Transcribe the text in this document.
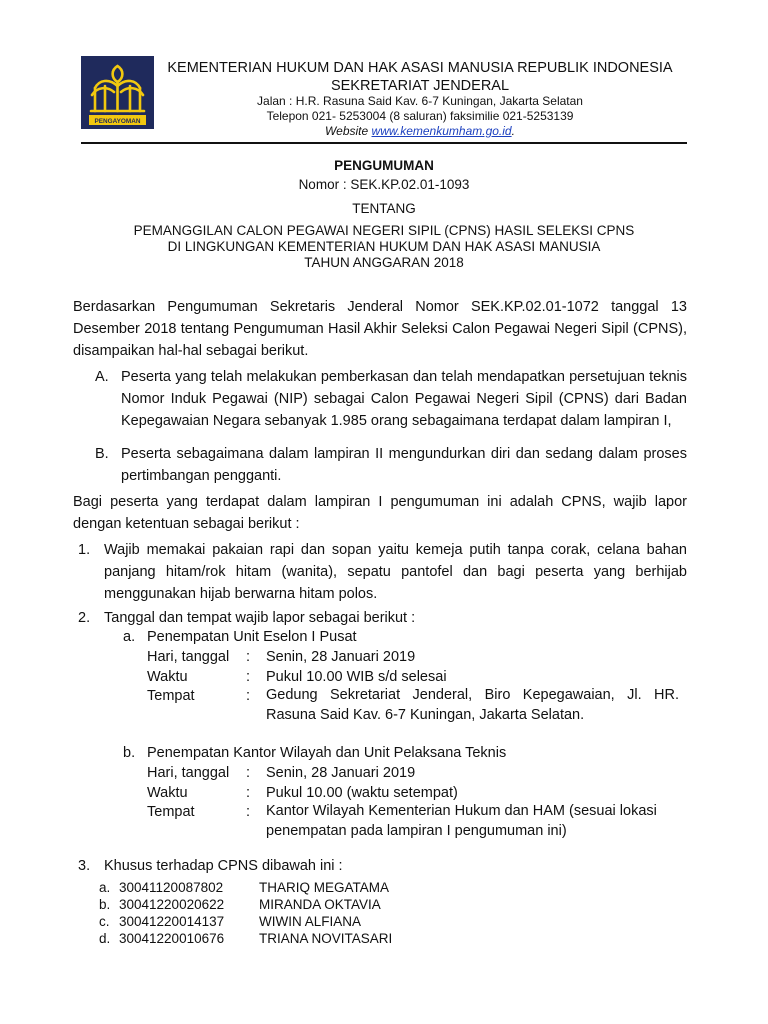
PENGAYOMAN
KEMENTERIAN HUKUM DAN HAK ASASI MANUSIA REPUBLIK INDONESIA
SEKRETARIAT JENDERAL
Jalan : H.R. Rasuna Said Kav. 6-7 Kuningan, Jakarta Selatan
Telepon 021- 5253004 (8 saluran) faksimilie 021-5253139
Website www.kemenkumham.go.id.
PENGUMUMAN
Nomor : SEK.KP.02.01-1093
TENTANG
PEMANGGILAN CALON PEGAWAI NEGERI SIPIL (CPNS) HASIL SELEKSI CPNS
DI LINGKUNGAN KEMENTERIAN HUKUM DAN HAK ASASI MANUSIA
TAHUN ANGGARAN 2018
Berdasarkan Pengumuman Sekretaris Jenderal Nomor SEK.KP.02.01-1072 tanggal 13 Desember 2018 tentang Pengumuman Hasil Akhir Seleksi Calon Pegawai Negeri Sipil (CPNS), disampaikan hal-hal sebagai berikut.
A. Peserta yang telah melakukan pemberkasan dan telah mendapatkan persetujuan teknis Nomor Induk Pegawai (NIP) sebagai Calon Pegawai Negeri Sipil (CPNS) dari Badan Kepegawaian Negara sebanyak 1.985 orang sebagaimana terdapat dalam lampiran I,
B. Peserta sebagaimana dalam lampiran II mengundurkan diri dan sedang dalam proses pertimbangan pengganti.
Bagi peserta yang terdapat dalam lampiran I pengumuman ini adalah CPNS, wajib lapor dengan ketentuan sebagai berikut :
1. Wajib memakai pakaian rapi dan sopan yaitu kemeja putih tanpa corak, celana bahan panjang hitam/rok hitam (wanita), sepatu pantofel dan bagi peserta yang berhijab menggunakan hijab berwarna hitam polos.
2. Tanggal dan tempat wajib lapor sebagai berikut :
a. Penempatan Unit Eselon I Pusat
Hari, tanggal : Senin, 28 Januari 2019
Waktu	: Pukul 10.00 WIB s/d selesai
Tempat	: Gedung Sekretariat Jenderal, Biro Kepegawaian, Jl. HR. Rasuna Said Kav. 6-7 Kuningan, Jakarta Selatan.
b. Penempatan Kantor Wilayah dan Unit Pelaksana Teknis
Hari, tanggal : Senin, 28 Januari 2019
Waktu	: Pukul 10.00 (waktu setempat)
Tempat	: Kantor Wilayah Kementerian Hukum dan HAM (sesuai lokasi penempatan pada lampiran I pengumuman ini)
3. Khusus terhadap CPNS dibawah ini :
a. 30041120087802	THARIQ MEGATAMA
b. 30041220020622	MIRANDA OKTAVIA
c. 30041220014137	WIWIN ALFIANA
d. 30041220010676	TRIANA NOVITASARI
